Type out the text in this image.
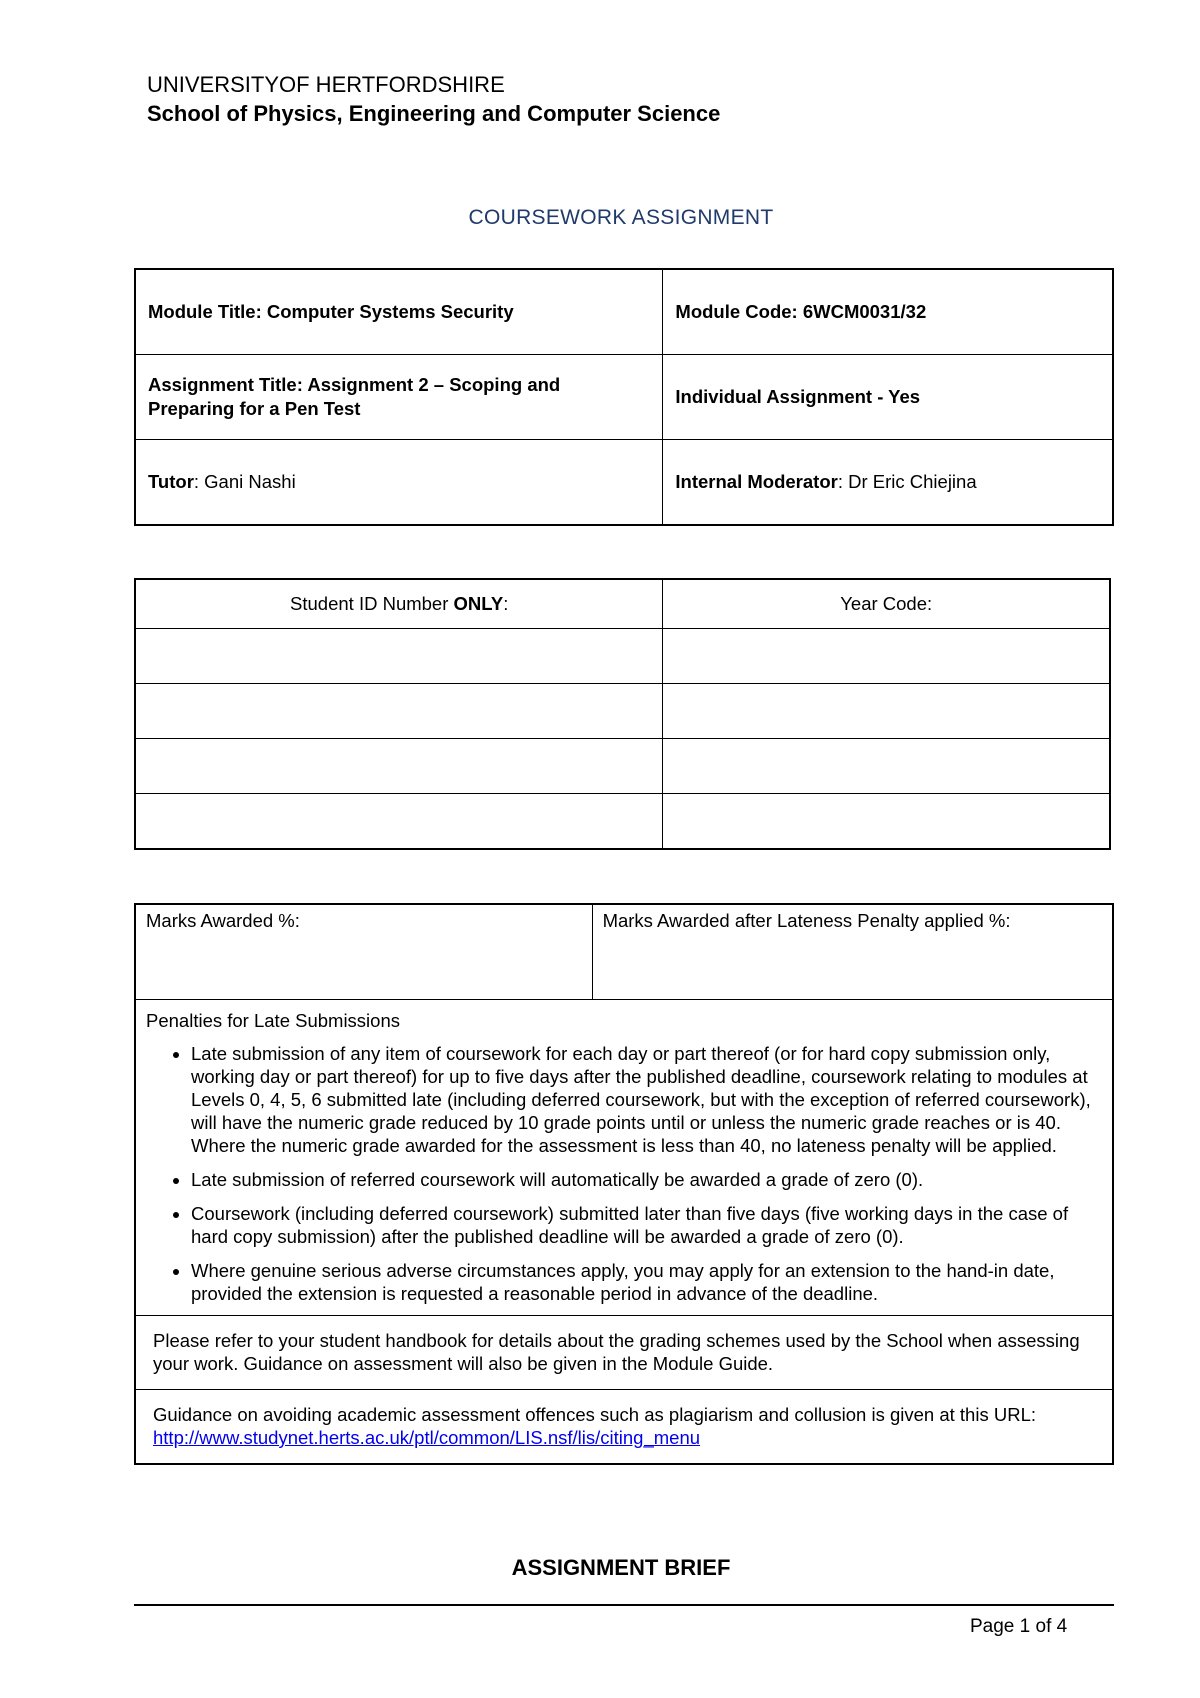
UNIVERSITYOF HERTFORDSHIRE
School of Physics, Engineering and Computer Science
COURSEWORK ASSIGNMENT
Module Title: Computer Systems Security	Module Code: 6WCM0031/32
Assignment Title: Assignment 2 – Scoping and Preparing for a Pen Test	Individual Assignment - Yes
Tutor: Gani Nashi	Internal Moderator: Dr Eric Chiejina
Student ID Number ONLY:	Year Code:

Marks Awarded %:	Marks Awarded after Lateness Penalty applied %:

Penalties for Late Submissions
• Late submission of any item of coursework for each day or part thereof (or for hard copy submission only, working day or part thereof) for up to five days after the published deadline, coursework relating to modules at Levels 0, 4, 5, 6 submitted late (including deferred coursework, but with the exception of referred coursework), will have the numeric grade reduced by 10 grade points until or unless the numeric grade reaches or is 40. Where the numeric grade awarded for the assessment is less than 40, no lateness penalty will be applied.
• Late submission of referred coursework will automatically be awarded a grade of zero (0).
• Coursework (including deferred coursework) submitted later than five days (five working days in the case of hard copy submission) after the published deadline will be awarded a grade of zero (0).
• Where genuine serious adverse circumstances apply, you may apply for an extension to the hand-in date, provided the extension is requested a reasonable period in advance of the deadline.

Please refer to your student handbook for details about the grading schemes used by the School when assessing your work. Guidance on assessment will also be given in the Module Guide.
Guidance on avoiding academic assessment offences such as plagiarism and collusion is given at this URL:  http://www.studynet.herts.ac.uk/ptl/common/LIS.nsf/lis/citing_menu
ASSIGNMENT BRIEF
Page 1 of 4
